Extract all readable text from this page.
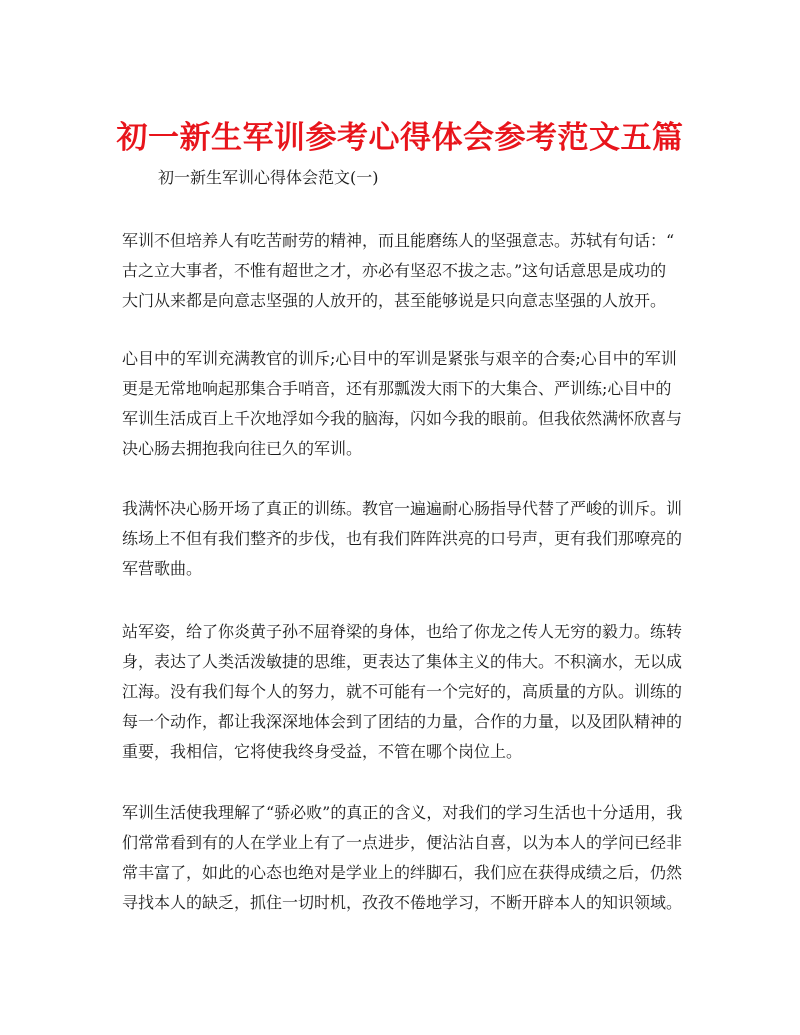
初一新生军训参考心得体会参考范文五篇
初一新生军训心得体会范文(一)
军训不但培养人有吃苦耐劳的精神，而且能磨练人的坚强意志。苏轼有句话：“
古之立大事者，不惟有超世之才，亦必有坚忍不拔之志。”这句话意思是成功的
大门从来都是向意志坚强的人放开的，甚至能够说是只向意志坚强的人放开。
心目中的军训充满教官的训斥;心目中的军训是紧张与艰辛的合奏;心目中的军训
更是无常地响起那集合手哨音，还有那瓢泼大雨下的大集合、严训练;心目中的
军训生活成百上千次地浮如今我的脑海，闪如今我的眼前。但我依然满怀欣喜与
决心肠去拥抱我向往已久的军训。
我满怀决心肠开场了真正的训练。教官一遍遍耐心肠指导代替了严峻的训斥。训
练场上不但有我们整齐的步伐，也有我们阵阵洪亮的口号声，更有我们那嘹亮的
军营歌曲。
站军姿，给了你炎黄子孙不屈脊梁的身体，也给了你龙之传人无穷的毅力。练转
身，表达了人类活泼敏捷的思维，更表达了集体主义的伟大。不积滴水，无以成
江海。没有我们每个人的努力，就不可能有一个完好的，高质量的方队。训练的
每一个动作，都让我深深地体会到了团结的力量，合作的力量，以及团队精神的
重要，我相信，它将使我终身受益，不管在哪个岗位上。
军训生活使我理解了“骄必败”的真正的含义，对我们的学习生活也十分适用，我
们常常看到有的人在学业上有了一点进步，便沾沾自喜，以为本人的学问已经非
常丰富了，如此的心态也绝对是学业上的绊脚石，我们应在获得成绩之后，仍然
寻找本人的缺乏，抓住一切时机，孜孜不倦地学习，不断开辟本人的知识领域。
